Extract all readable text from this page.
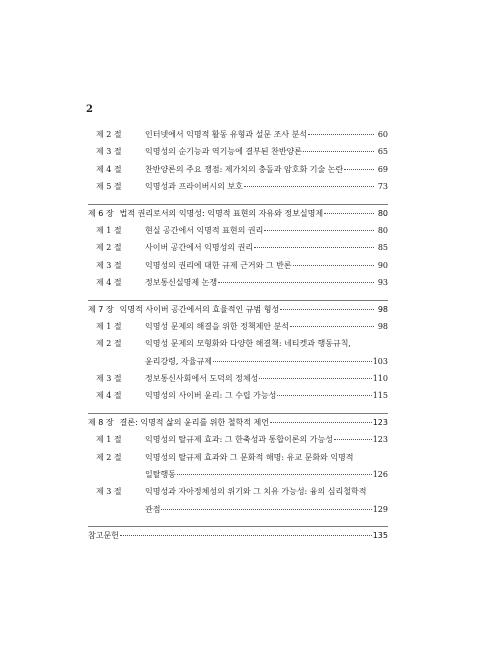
2
제 2 절	인터넷에서 익명적 활동 유형과 설문 조사 분석	60
제 3 절	익명성의 순기능과 역기능에 결부된 찬반양론	65
제 4 절	찬반양론의 주요 쟁점: 제가치의 충돌과 암호화 기술 논란	69
제 5 절	익명성과 프라이버시의 보호	73
제 6 장 법적 권리로서의 익명성: 익명적 표현의 자유와 정보실명제	80
제 1 절	현실 공간에서 익명적 표현의 권리	80
제 2 절	사이버 공간에서 익명성의 권리	85
제 3 절	익명성의 권리에 대한 규제 근거와 그 반론	90
제 4 절	정보통신실명제 논쟁	93
제 7 장 익명적 사이버 공간에서의 효율적인 규범 형성	98
제 1 절	익명성 문제의 해결을 위한 정책제안 분석	98
제 2 절	익명성 문제의 모형화와 다양한 해결책: 네티켓과 행동규칙,
윤리강령, 자율규제	103
제 3 절	정보통신사회에서 도덕의 정체성	110
제 4 절	익명성의 사이버 윤리: 그 수립 가능성	115
제 8 장 결론: 익명적 삶의 윤리를 위한 철학적 제언	123
제 1 절	익명성의 탈규제 효과: 그 한축성과 통합이론의 가능성	123
제 2 절	익명성의 탈규제 효과와 그 문화적 해명: 유교 문화와 익명적
일탈행동	126
제 3 절	익명성과 자아정체성의 위기와 그 치유 가능성: 융의 심리철학적
관점	129
참고문헌	135
